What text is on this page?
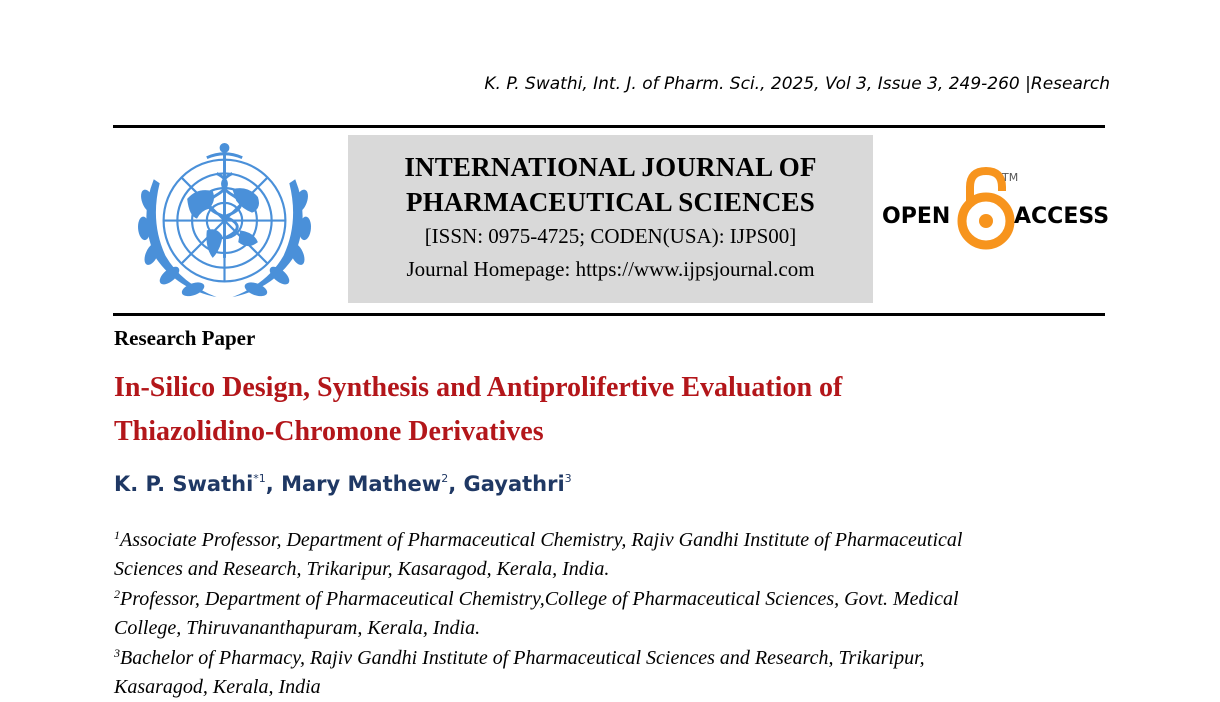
K. P. Swathi, Int. J. of Pharm. Sci., 2025, Vol 3, Issue 3, 249-260 |Research
INTERNATIONAL JOURNAL OF
PHARMACEUTICAL SCIENCES
[ISSN: 0975-4725; CODEN(USA): IJPS00]
Journal Homepage: https://www.ijpsjournal.com
OPEN
TM
ACCESS
Research Paper
In-Silico Design, Synthesis and Antiprolifertive Evaluation of
Thiazolidino-Chromone Derivatives
K. P. Swathi$^{*1}$, Mary Mathew$^2$, Gayathri$^3$
$^1$Associate Professor, Department of Pharmaceutical Chemistry, Rajiv Gandhi Institute of Pharmaceutical
Sciences and Research, Trikaripur, Kasaragod, Kerala, India.
$^2$Professor, Department of Pharmaceutical Chemistry,College of Pharmaceutical Sciences, Govt. Medical
College, Thiruvananthapuram, Kerala, India.
$^3$Bachelor of Pharmacy, Rajiv Gandhi Institute of Pharmaceutical Sciences and Research, Trikaripur,
Kasaragod, Kerala, India
